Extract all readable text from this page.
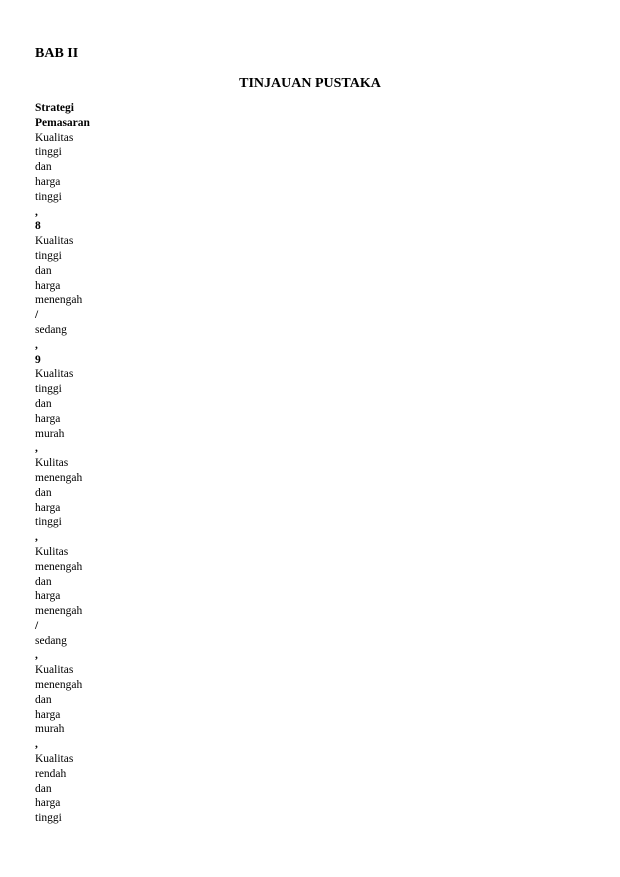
BAB II
TINJAUAN PUSTAKA
Strategi
Pemasaran
Kualitas
tinggi
dan
harga
tinggi
,
8
Kualitas
tinggi
dan
harga
menengah
/
sedang
,
9
Kualitas
tinggi
dan
harga
murah
,
Kulitas
menengah
dan
harga
tinggi
,
Kulitas
menengah
dan
harga
menengah
/
sedang
,
Kualitas
menengah
dan
harga
murah
,
Kualitas
rendah
dan
harga
tinggi
